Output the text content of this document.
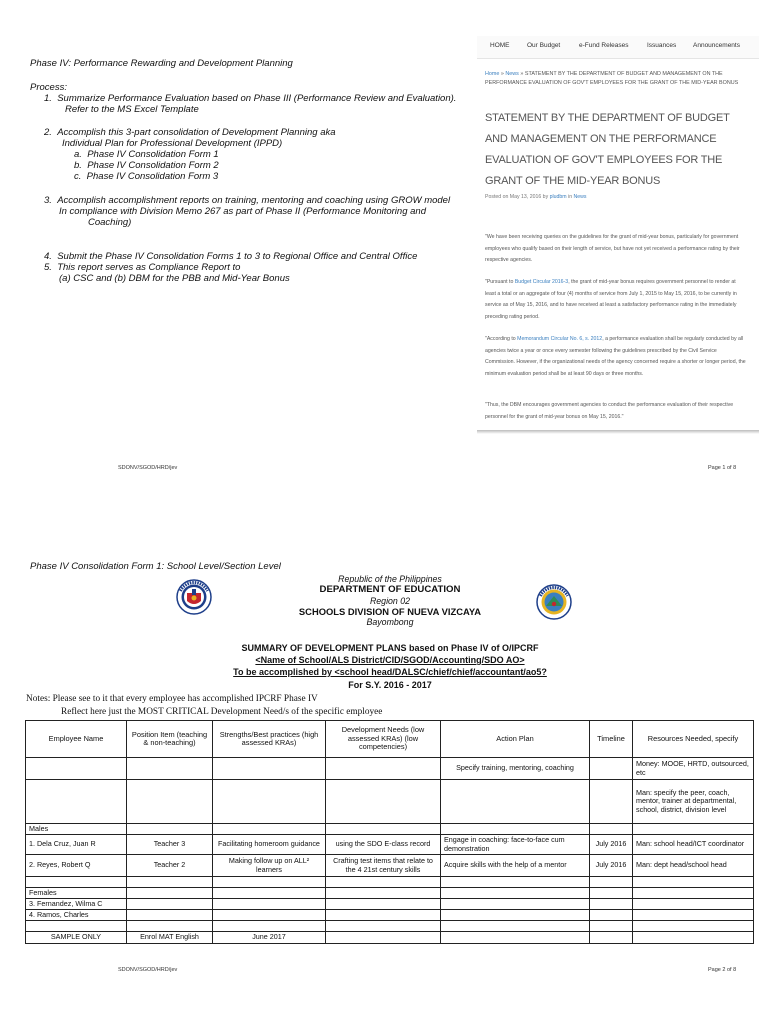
Phase IV: Performance Rewarding and Development Planning
Process:
1. Summarize Performance Evaluation based on Phase III (Performance Review and Evaluation).
Refer to the MS Excel Template
2. Accomplish this 3-part consolidation of Development Planning aka
Individual Plan for Professional Development (IPPD)
a. Phase IV Consolidation Form 1
b. Phase IV Consolidation Form 2
c. Phase IV Consolidation Form 3
3. Accomplish accomplishment reports on training, mentoring and coaching using GROW model
In compliance with Division Memo 267 as part of Phase II (Performance Monitoring and
Coaching)
4. Submit the Phase IV Consolidation Forms 1 to 3 to Regional Office and Central Office
5. This report serves as Compliance Report to
(a) CSC and (b) DBM for the PBB and Mid-Year Bonus
HOME	Our Budget	e-Fund Releases	Issuances	Announcements
Home » News » STATEMENT BY THE DEPARTMENT OF BUDGET AND MANAGEMENT ON THE PERFORMANCE EVALUATION OF GOV'T EMPLOYEES FOR THE GRANT OF THE MID-YEAR BONUS
STATEMENT BY THE DEPARTMENT OF BUDGET AND MANAGEMENT ON THE PERFORMANCE EVALUATION OF GOV'T EMPLOYEES FOR THE GRANT OF THE MID-YEAR BONUS
Posted on May 13, 2016 by pludbm in News
"We have been receiving queries on the guidelines for the grant of mid-year bonus, particularly for government employees who qualify based on their length of service, but have not yet received a performance rating by their respective agencies.
"Pursuant to Budget Circular 2016-3, the grant of mid-year bonus requires government personnel to render at least a total or an aggregate of four (4) months of service from July 1, 2015 to May 15, 2016, to be currently in service as of May 15, 2016, and to have received at least a satisfactory performance rating in the immediately preceding rating period.
"According to Memorandum Circular No. 6, s. 2012, a performance evaluation shall be regularly conducted by all agencies twice a year or once every semester following the guidelines prescribed by the Civil Service Commission. However, if the organizational needs of the agency concerned require a shorter or longer period, the minimum evaluation period shall be at least 90 days or three months.
"Thus, the DBM encourages government agencies to conduct the performance evaluation of their respective personnel for the grant of mid-year bonus on May 15, 2016."
SDONV/SGOD/HRD/jev	Page 1 of 8
Phase IV Consolidation Form 1: School Level/Section Level
Republic of the Philippines
DEPARTMENT OF EDUCATION
Region 02
SCHOOLS DIVISION OF NUEVA VIZCAYA
Bayombong
SUMMARY OF DEVELOPMENT PLANS based on Phase IV of O/IPCRF
<Name of School/ALS District/CID/SGOD/Accounting/SDO AO>
To be accomplished by <school head/DALSC/chief/chief/accountant/ao5?
For S.Y. 2016 - 2017
Notes: Please see to it that every employee has accomplished IPCRF Phase IV
Reflect here just the MOST CRITICAL Development Need/s of the specific employee
Employee Name	Position Item (teaching & non-teaching)	Strengths/Best practices (high assessed KRAs)	Development Needs (low assessed KRAs) (low competencies)	Action Plan	Timeline	Resources Needed, specify
				Specify training, mentoring, coaching		Money: MOOE, HRTD, outsourced, etc
						Man: specify the peer, coach, mentor, trainer at departmental, school, district, division level
Males						
1. Dela Cruz, Juan R	Teacher 3	Facilitating homeroom guidance	using the SDO E-class record	Engage in coaching: face-to-face cum demonstration	July 2016	Man: school head/ICT coordinator
2. Reyes, Robert Q	Teacher 2	Making follow up on ALL² learners	Crafting test items that relate to the 4 21st century skills	Acquire skills with the help of a mentor	July 2016	Man: dept head/school head

Females						
3. Fernandez, Wilma C						
4. Ramos, Charles						

SAMPLE ONLY	Enrol MAT English	June 2017				
SDONV/SGOD/HRD/jev	Page 2 of 8
